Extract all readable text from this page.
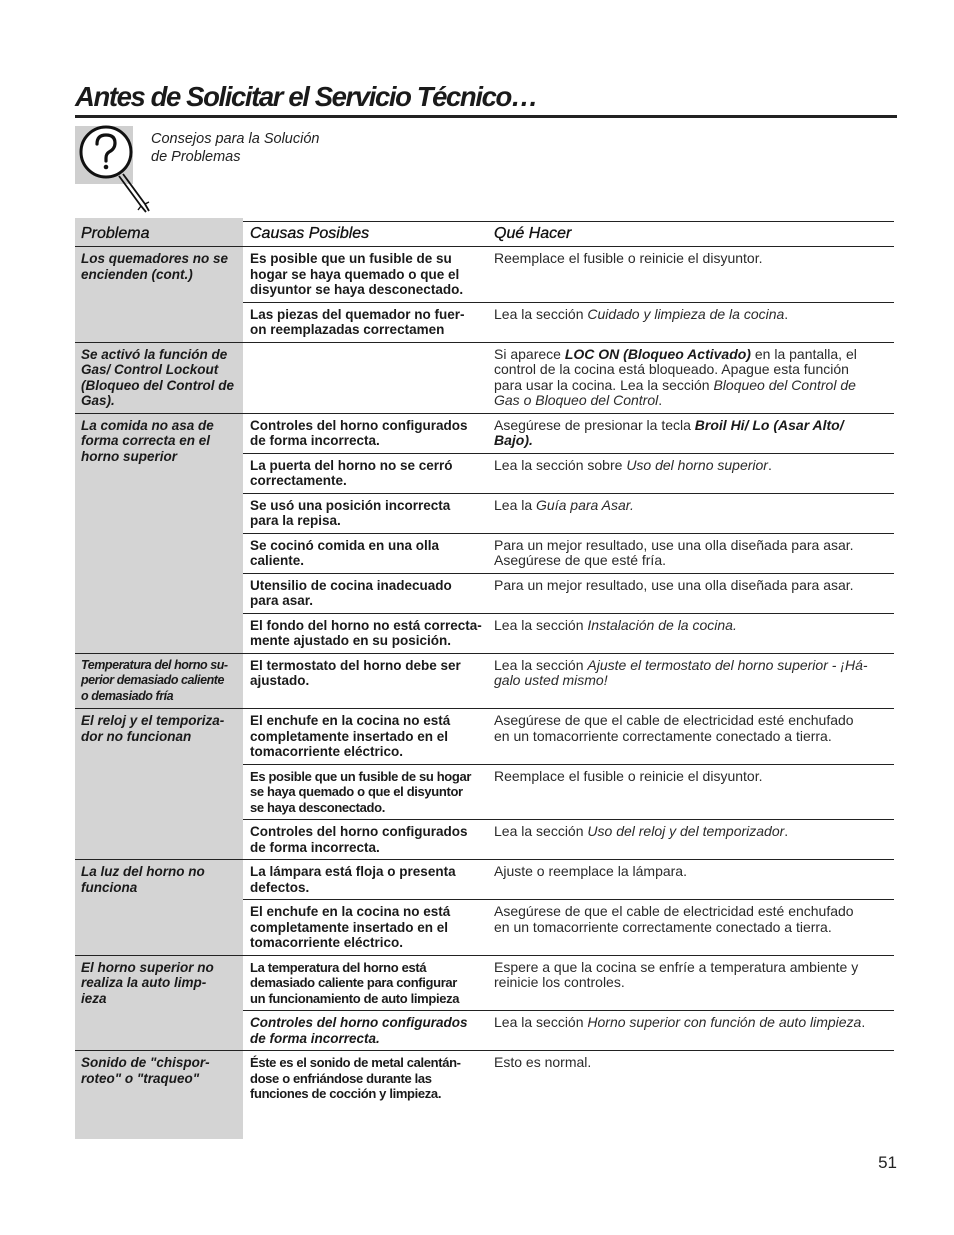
Antes de Solicitar el Servicio Técnico…
Consejos para la Solución
de Problemas
Problema	Causas Posibles	Qué Hacer
Los quemadores no se
encienden (cont.)
Es posible que un fusible de su
hogar se haya quemado o que el
disyuntor se haya desconectado.
Reemplace el fusible o reinicie el disyuntor.
Las piezas del quemador no fuer-
on reemplazadas correctamen
Lea la sección Cuidado y limpieza de la cocina.
Se activó la función de
Gas/ Control Lockout
(Bloqueo del Control de
Gas).
Si aparece LOC ON (Bloqueo Activado) en la pantalla, el
control de la cocina está bloqueado. Apague esta función
para usar la cocina. Lea la sección Bloqueo del Control de
Gas o Bloqueo del Control.
La comida no asa de
forma correcta en el
horno superior
Controles del horno configurados
de forma incorrecta.
Asegúrese de presionar la tecla Broil Hi/ Lo (Asar Alto/
Bajo).
La puerta del horno no se cerró
correctamente.
Lea la sección sobre Uso del horno superior.
Se usó una posición incorrecta
para la repisa.
Lea la Guía para Asar.
Se cocinó comida en una olla
caliente.
Para un mejor resultado, use una olla diseñada para asar.
Asegúrese de que esté fría.
Utensilio de cocina inadecuado
para asar.
Para un mejor resultado, use una olla diseñada para asar.
El fondo del horno no está correcta-
mente ajustado en su posición.
Lea la sección Instalación de la cocina.
Temperatura del horno su-
perior demasiado caliente
o demasiado fría
El termostato del horno debe ser
ajustado.
Lea la sección Ajuste el termostato del horno superior - ¡Há-
galo usted mismo!
El reloj y el temporiza-
dor no funcionan
El enchufe en la cocina no está
completamente insertado en el
tomacorriente eléctrico.
Asegúrese de que el cable de electricidad esté enchufado
en un tomacorriente correctamente conectado a tierra.
Es posible que un fusible de su hogar
se haya quemado o que el disyuntor
se haya desconectado.
Reemplace el fusible o reinicie el disyuntor.
Controles del horno configurados
de forma incorrecta.
Lea la sección Uso del reloj y del temporizador.
La luz del horno no
funciona
La lámpara está floja o presenta
defectos.
Ajuste o reemplace la lámpara.
El enchufe en la cocina no está
completamente insertado en el
tomacorriente eléctrico.
Asegúrese de que el cable de electricidad esté enchufado
en un tomacorriente correctamente conectado a tierra.
El horno superior no
realiza la auto limp-
ieza
La temperatura del horno está
demasiado caliente para configurar
un funcionamiento de auto limpieza
Espere a que la cocina se enfríe a temperatura ambiente y
reinicie los controles.
Controles del horno configurados
de forma incorrecta.
Lea la sección Horno superior con función de auto limpieza.
Sonido de "chispor-
roteo" o "traqueo"
Éste es el sonido de metal calentán-
dose o enfriándose durante las
funciones de cocción y limpieza.
Esto es normal.
51
